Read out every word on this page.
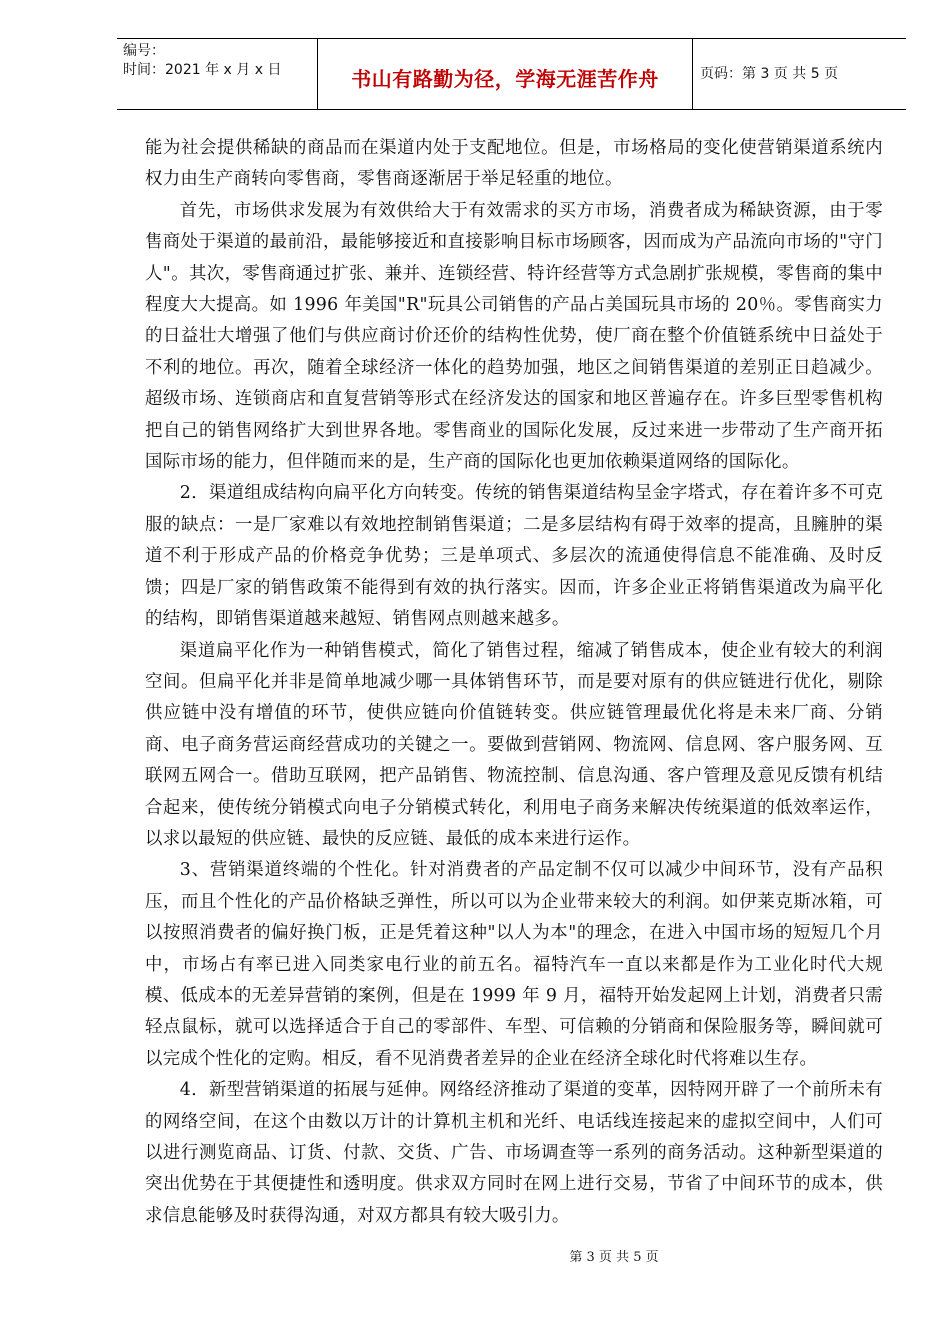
编号：
时间：2021 年 x 月 x 日	书山有路勤为径，学海无涯苦作舟	页码：第 3 页 共 5 页

能为社会提供稀缺的商品而在渠道内处于支配地位。但是，市场格局的变化使营销渠道系统内权力由生产商转向零售商，零售商逐渐居于举足轻重的地位。

首先，市场供求发展为有效供给大于有效需求的买方市场，消费者成为稀缺资源，由于零售商处于渠道的最前沿，最能够接近和直接影响目标市场顾客，因而成为产品流向市场的"守门人"。其次，零售商通过扩张、兼并、连锁经营、特许经营等方式急剧扩张规模，零售商的集中程度大大提高。如 1996 年美国"R"玩具公司销售的产品占美国玩具市场的 20％。零售商实力的日益壮大增强了他们与供应商讨价还价的结构性优势，使厂商在整个价值链系统中日益处于不利的地位。再次，随着全球经济一体化的趋势加强，地区之间销售渠道的差别正日趋减少。超级市场、连锁商店和直复营销等形式在经济发达的国家和地区普遍存在。许多巨型零售机构把自己的销售网络扩大到世界各地。零售商业的国际化发展，反过来进一步带动了生产商开拓国际市场的能力，但伴随而来的是，生产商的国际化也更加依赖渠道网络的国际化。

2．渠道组成结构向扁平化方向转变。传统的销售渠道结构呈金字塔式，存在着许多不可克服的缺点：一是厂家难以有效地控制销售渠道；二是多层结构有碍于效率的提高，且臃肿的渠道不利于形成产品的价格竞争优势；三是单项式、多层次的流通使得信息不能准确、及时反馈；四是厂家的销售政策不能得到有效的执行落实。因而，许多企业正将销售渠道改为扁平化的结构，即销售渠道越来越短、销售网点则越来越多。

渠道扁平化作为一种销售模式，简化了销售过程，缩减了销售成本，使企业有较大的利润空间。但扁平化并非是简单地减少哪一具体销售环节，而是要对原有的供应链进行优化，剔除供应链中没有增值的环节，使供应链向价值链转变。供应链管理最优化将是未来厂商、分销商、电子商务营运商经营成功的关键之一。要做到营销网、物流网、信息网、客户服务网、互联网五网合一。借助互联网，把产品销售、物流控制、信息沟通、客户管理及意见反馈有机结合起来，使传统分销模式向电子分销模式转化，利用电子商务来解决传统渠道的低效率运作，以求以最短的供应链、最快的反应链、最低的成本来进行运作。

3、营销渠道终端的个性化。针对消费者的产品定制不仅可以减少中间环节，没有产品积压，而且个性化的产品价格缺乏弹性，所以可以为企业带来较大的利润。如伊莱克斯冰箱，可以按照消费者的偏好换门板，正是凭着这种"以人为本"的理念，在进入中国市场的短短几个月中，市场占有率已进入同类家电行业的前五名。福特汽车一直以来都是作为工业化时代大规模、低成本的无差异营销的案例，但是在 1999 年 9 月，福特开始发起网上计划，消费者只需轻点鼠标，就可以选择适合于自己的零部件、车型、可信赖的分销商和保险服务等，瞬间就可以完成个性化的定购。相反，看不见消费者差异的企业在经济全球化时代将难以生存。

4．新型营销渠道的拓展与延伸。网络经济推动了渠道的变革，因特网开辟了一个前所未有的网络空间，在这个由数以万计的计算机主机和光纤、电话线连接起来的虚拟空间中，人们可以进行测览商品、订货、付款、交货、广告、市场调查等一系列的商务活动。这种新型渠道的突出优势在于其便捷性和透明度。供求双方同时在网上进行交易，节省了中间环节的成本，供求信息能够及时获得沟通，对双方都具有较大吸引力。

第 3 页 共 5 页
